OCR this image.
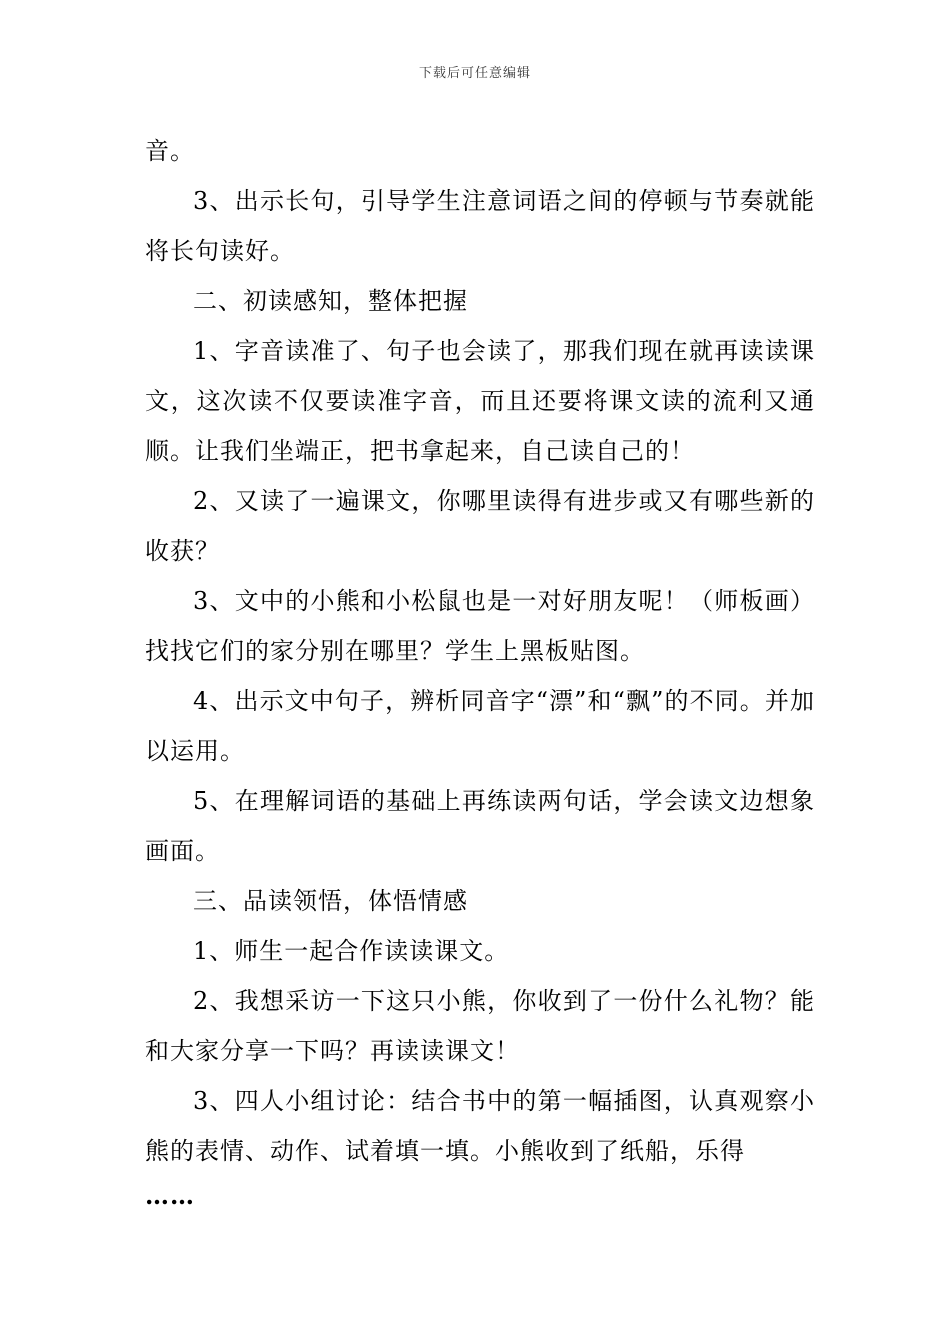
下载后可任意编辑

音。

3、出示长句，引导学生注意词语之间的停顿与节奏就能将长句读好。

二、初读感知，整体把握

1、字音读准了、句子也会读了，那我们现在就再读读课文，这次读不仅要读准字音，而且还要将课文读的流利又通顺。让我们坐端正，把书拿起来，自己读自己的！

2、又读了一遍课文，你哪里读得有进步或又有哪些新的收获？

3、文中的小熊和小松鼠也是一对好朋友呢！（师板画）找找它们的家分别在哪里？学生上黑板贴图。

4、出示文中句子，辨析同音字“漂”和“飘”的不同。并加以运用。

5、在理解词语的基础上再练读两句话，学会读文边想象画面。

三、品读领悟，体悟情感

1、师生一起合作读读课文。

2、我想采访一下这只小熊，你收到了一份什么礼物？能和大家分享一下吗？再读读课文！

3、四人小组讨论：结合书中的第一幅插图，认真观察小熊的表情、动作、试着填一填。小熊收到了纸船，乐得

……
